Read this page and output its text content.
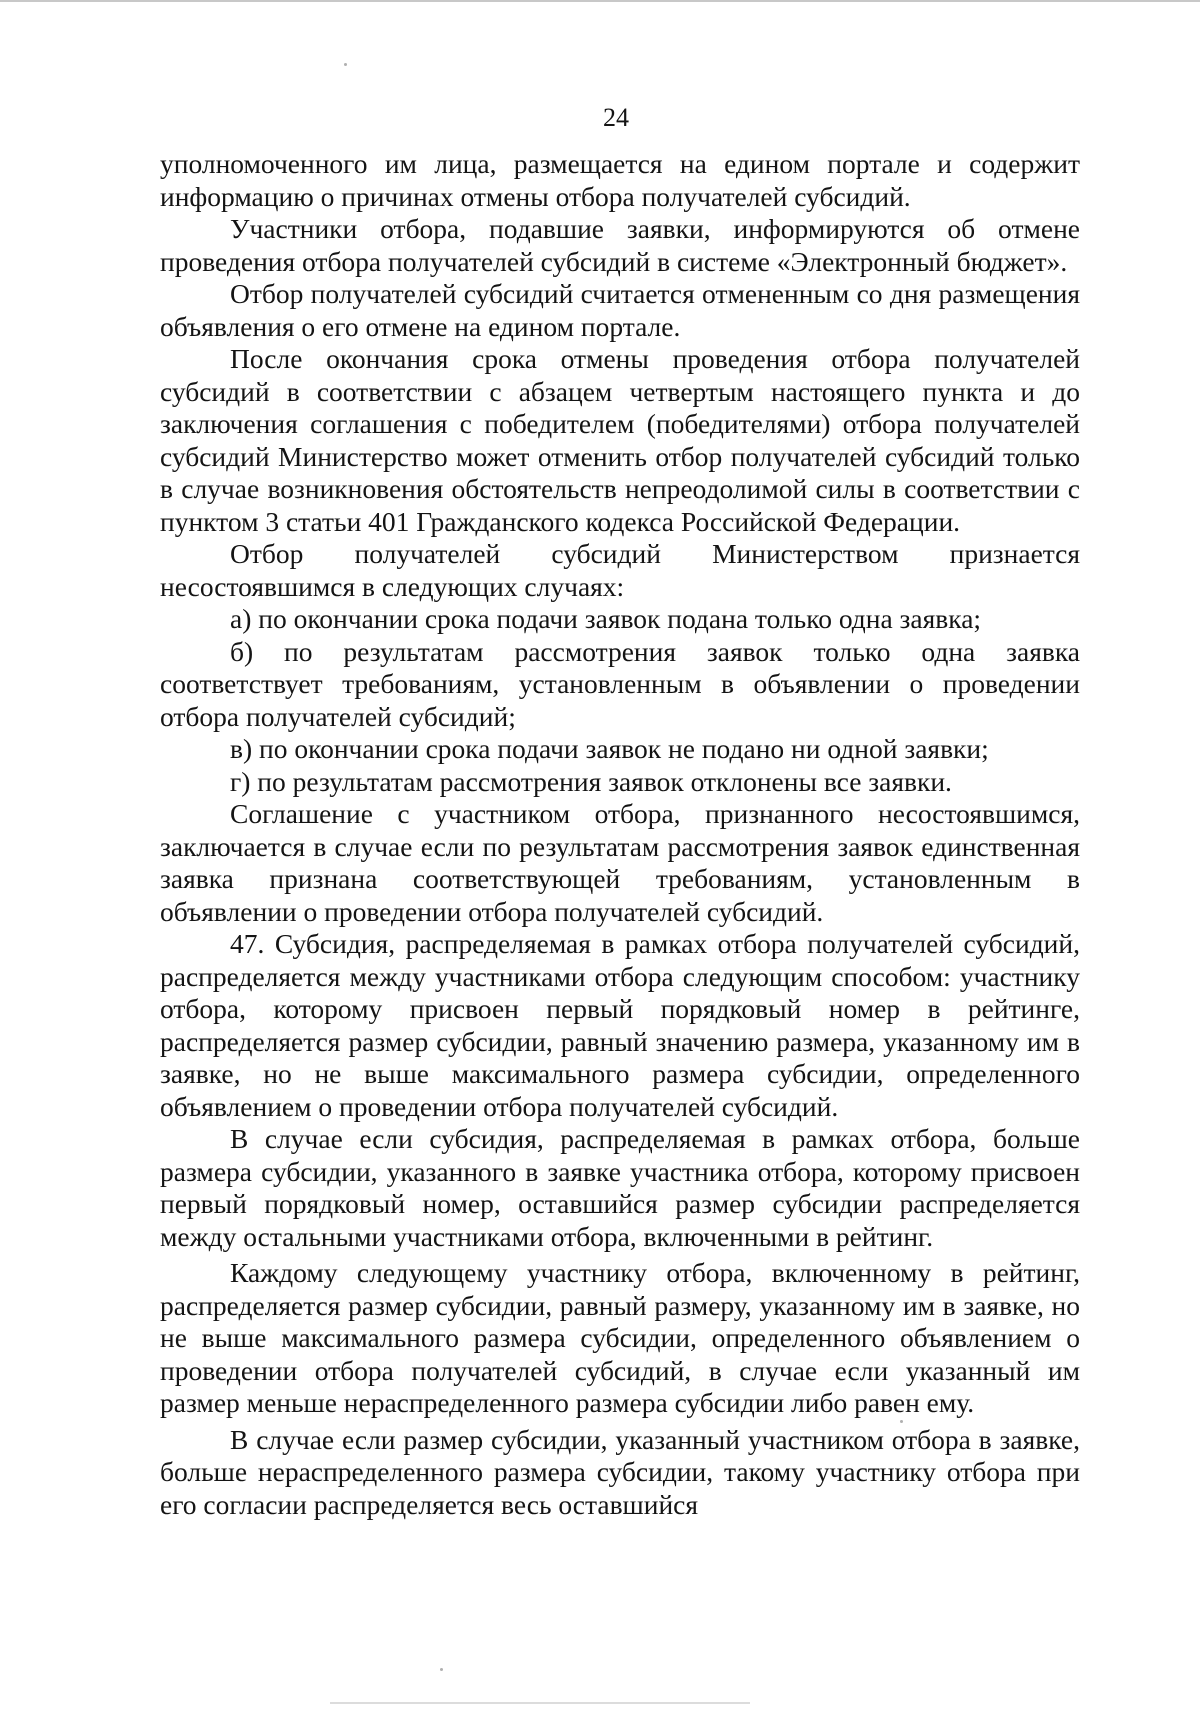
24

уполномоченного им лица, размещается на едином портале и содержит информацию о причинах отмены отбора получателей субсидий.

Участники отбора, подавшие заявки, информируются об отмене проведения отбора получателей субсидий в системе «Электронный бюджет».

Отбор получателей субсидий считается отмененным со дня размещения объявления о его отмене на едином портале.

После окончания срока отмены проведения отбора получателей субсидий в соответствии с абзацем четвертым настоящего пункта и до заключения соглашения с победителем (победителями) отбора получателей субсидий Министерство может отменить отбор получателей субсидий только в случае возникновения обстоятельств непреодолимой силы в соответствии с пунктом 3 статьи 401 Гражданского кодекса Российской Федерации.

Отбор получателей субсидий Министерством признается несостоявшимся в следующих случаях:

а) по окончании срока подачи заявок подана только одна заявка;

б) по результатам рассмотрения заявок только одна заявка соответствует требованиям, установленным в объявлении о проведении отбора получателей субсидий;

в) по окончании срока подачи заявок не подано ни одной заявки;

г) по результатам рассмотрения заявок отклонены все заявки.

Соглашение с участником отбора, признанного несостоявшимся, заключается в случае если по результатам рассмотрения заявок единственная заявка признана соответствующей требованиям, установленным в объявлении о проведении отбора получателей субсидий.

47. Субсидия, распределяемая в рамках отбора получателей субсидий, распределяется между участниками отбора следующим способом: участнику отбора, которому присвоен первый порядковый номер в рейтинге, распределяется размер субсидии, равный значению размера, указанному им в заявке, но не выше максимального размера субсидии, определенного объявлением о проведении отбора получателей субсидий.

В случае если субсидия, распределяемая в рамках отбора, больше размера субсидии, указанного в заявке участника отбора, которому присвоен первый порядковый номер, оставшийся размер субсидии распределяется между остальными участниками отбора, включенными в рейтинг.

Каждому следующему участнику отбора, включенному в рейтинг, распределяется размер субсидии, равный размеру, указанному им в заявке, но не выше максимального размера субсидии, определенного объявлением о проведении отбора получателей субсидий, в случае если указанный им размер меньше нераспределенного размера субсидии либо равен ему.

В случае если размер субсидии, указанный участником отбора в заявке, больше нераспределенного размера субсидии, такому участнику отбора при его согласии распределяется весь оставшийся
